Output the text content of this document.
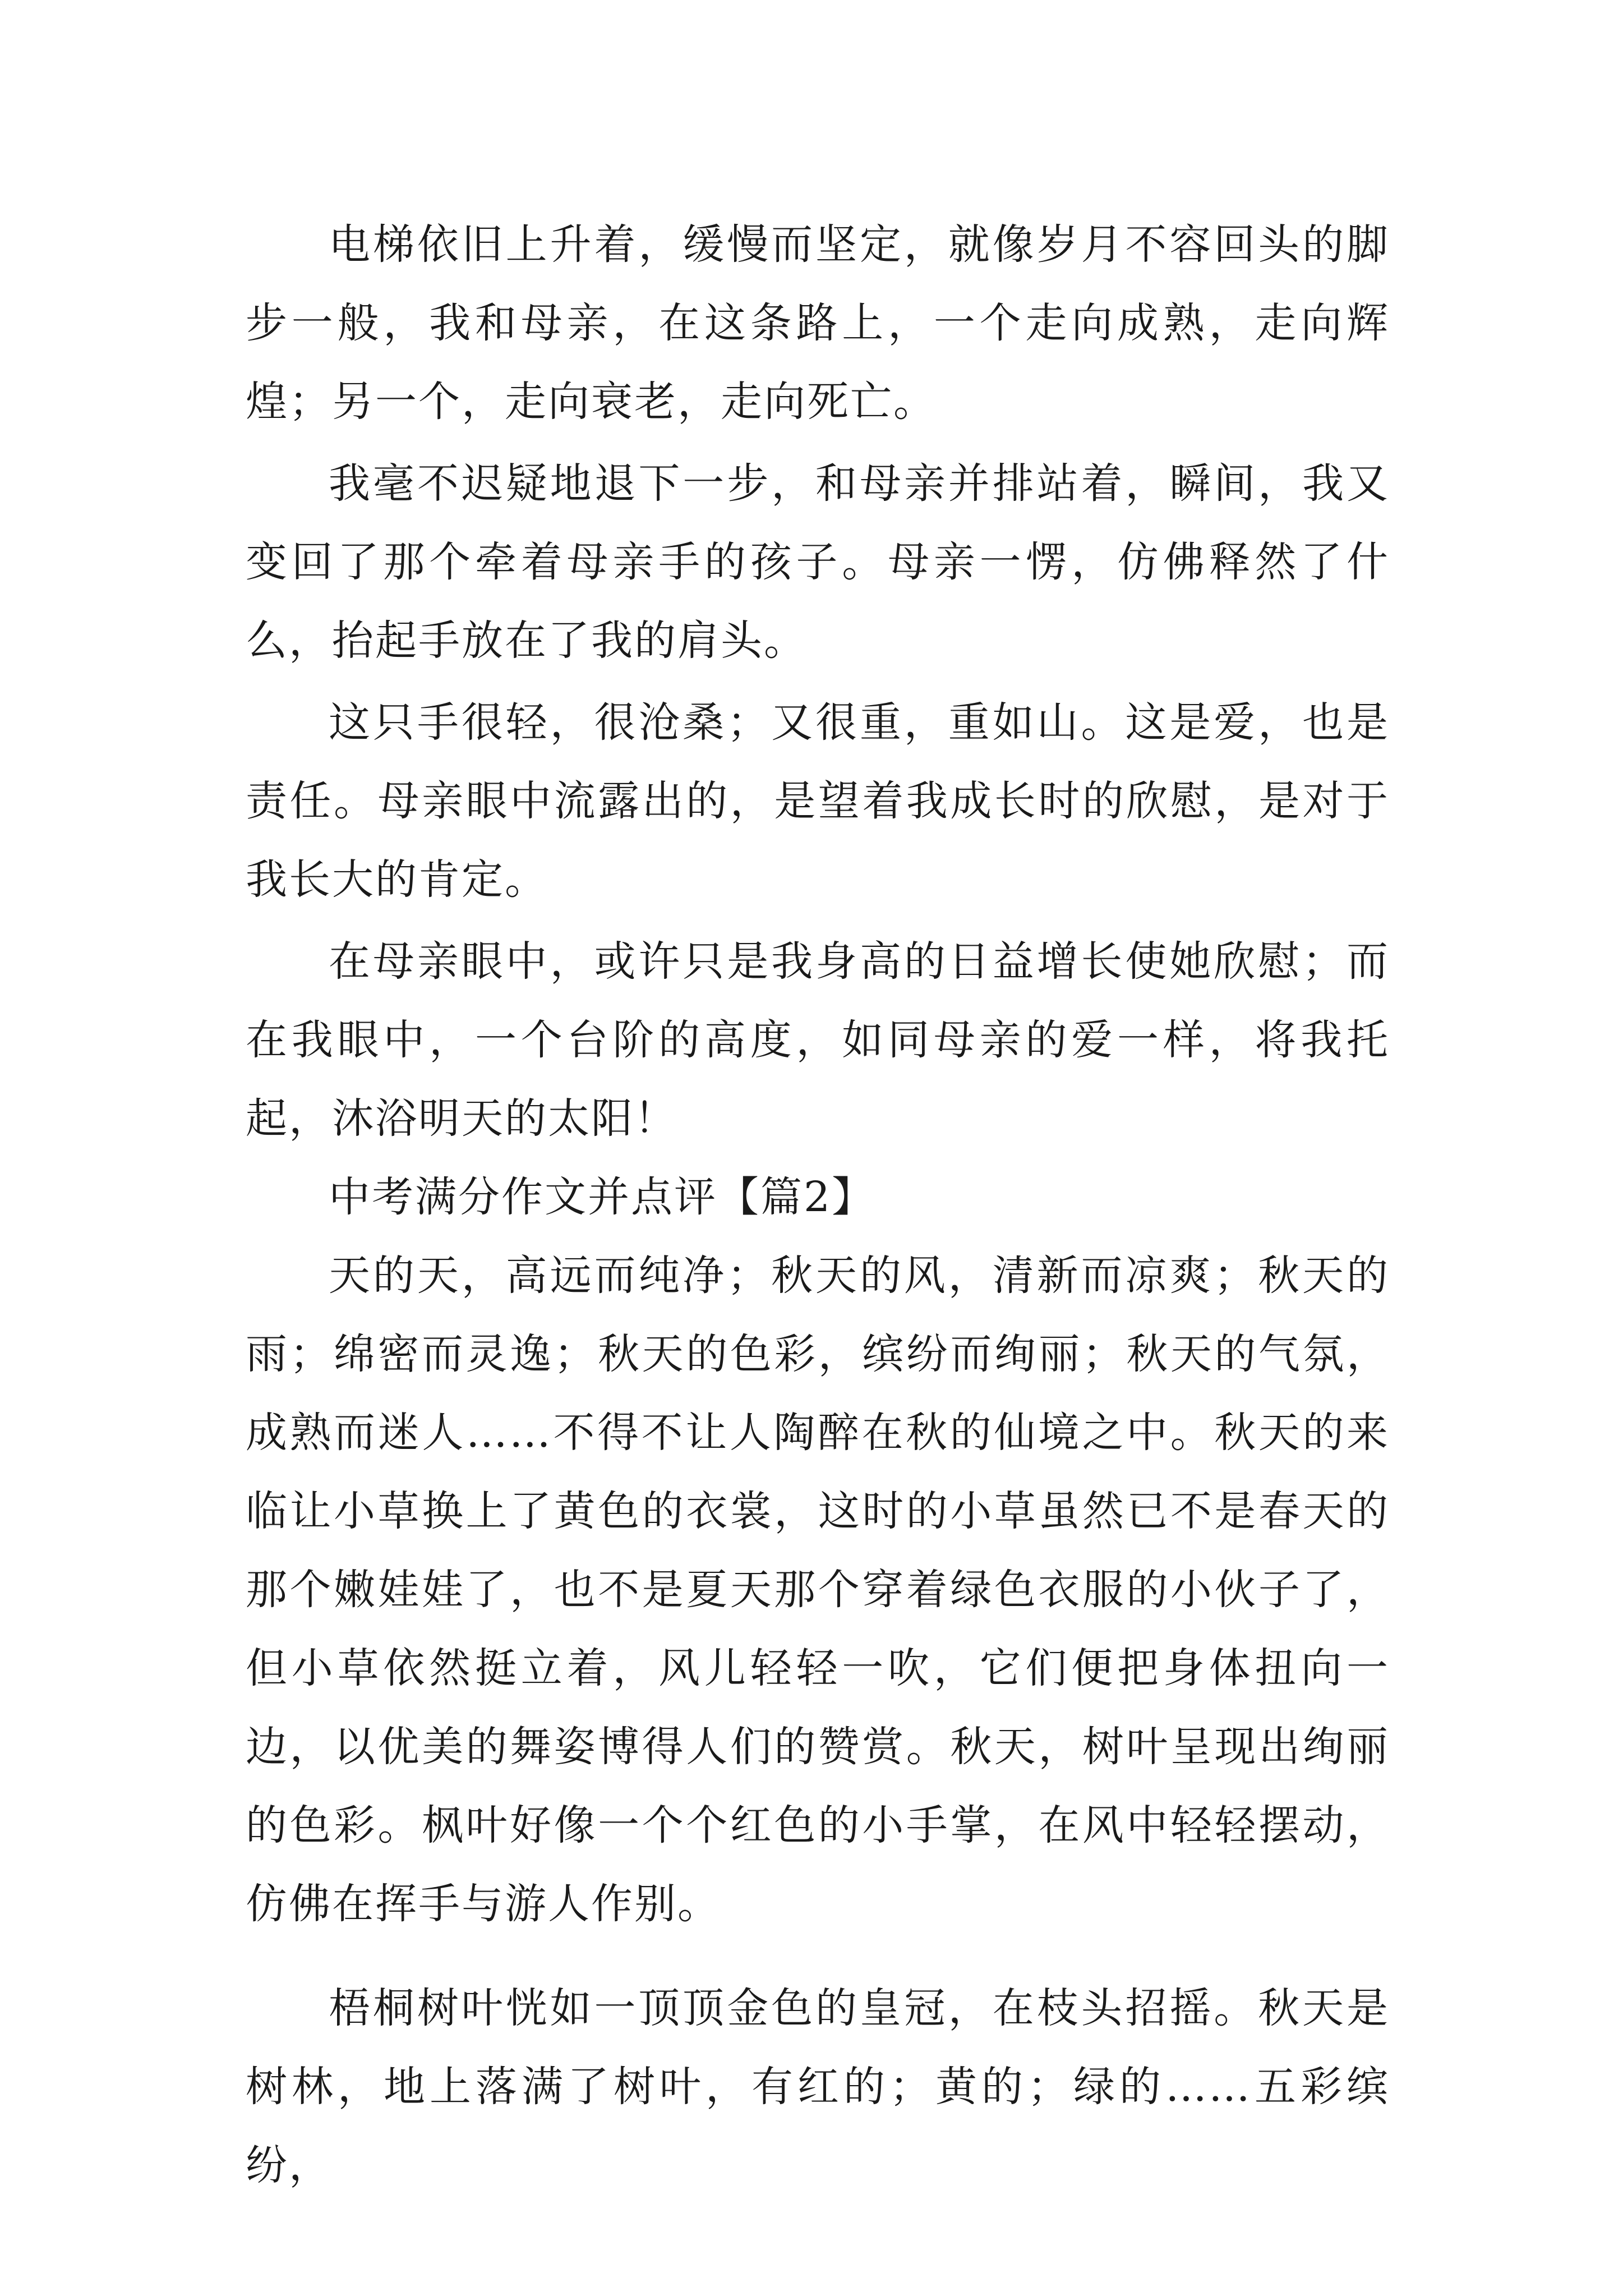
电梯依旧上升着，缓慢而坚定，就像岁月不容回头的脚步一般，我和母亲，在这条路上，一个走向成熟，走向辉煌；另一个，走向衰老，走向死亡。

我毫不迟疑地退下一步，和母亲并排站着，瞬间，我又变回了那个牵着母亲手的孩子。母亲一愣，仿佛释然了什么，抬起手放在了我的肩头。

这只手很轻，很沧桑；又很重，重如山。这是爱，也是责任。母亲眼中流露出的，是望着我成长时的欣慰，是对于我长大的肯定。

在母亲眼中，或许只是我身高的日益增长使她欣慰；而在我眼中，一个台阶的高度，如同母亲的爱一样，将我托起，沐浴明天的太阳！

中考满分作文并点评【篇2】

天的天，高远而纯净；秋天的风，清新而凉爽；秋天的雨；绵密而灵逸；秋天的色彩，缤纷而绚丽；秋天的气氛，成熟而迷人……不得不让人陶醉在秋的仙境之中。秋天的来临让小草换上了黄色的衣裳，这时的小草虽然已不是春天的那个嫩娃娃了，也不是夏天那个穿着绿色衣服的小伙子了，但小草依然挺立着，风儿轻轻一吹，它们便把身体扭向一边，以优美的舞姿博得人们的赞赏。秋天，树叶呈现出绚丽的色彩。枫叶好像一个个红色的小手掌，在风中轻轻摆动，仿佛在挥手与游人作别。

梧桐树叶恍如一顶顶金色的皇冠，在枝头招摇。秋天是树林，地上落满了树叶，有红的；黄的；绿的……五彩缤纷，
